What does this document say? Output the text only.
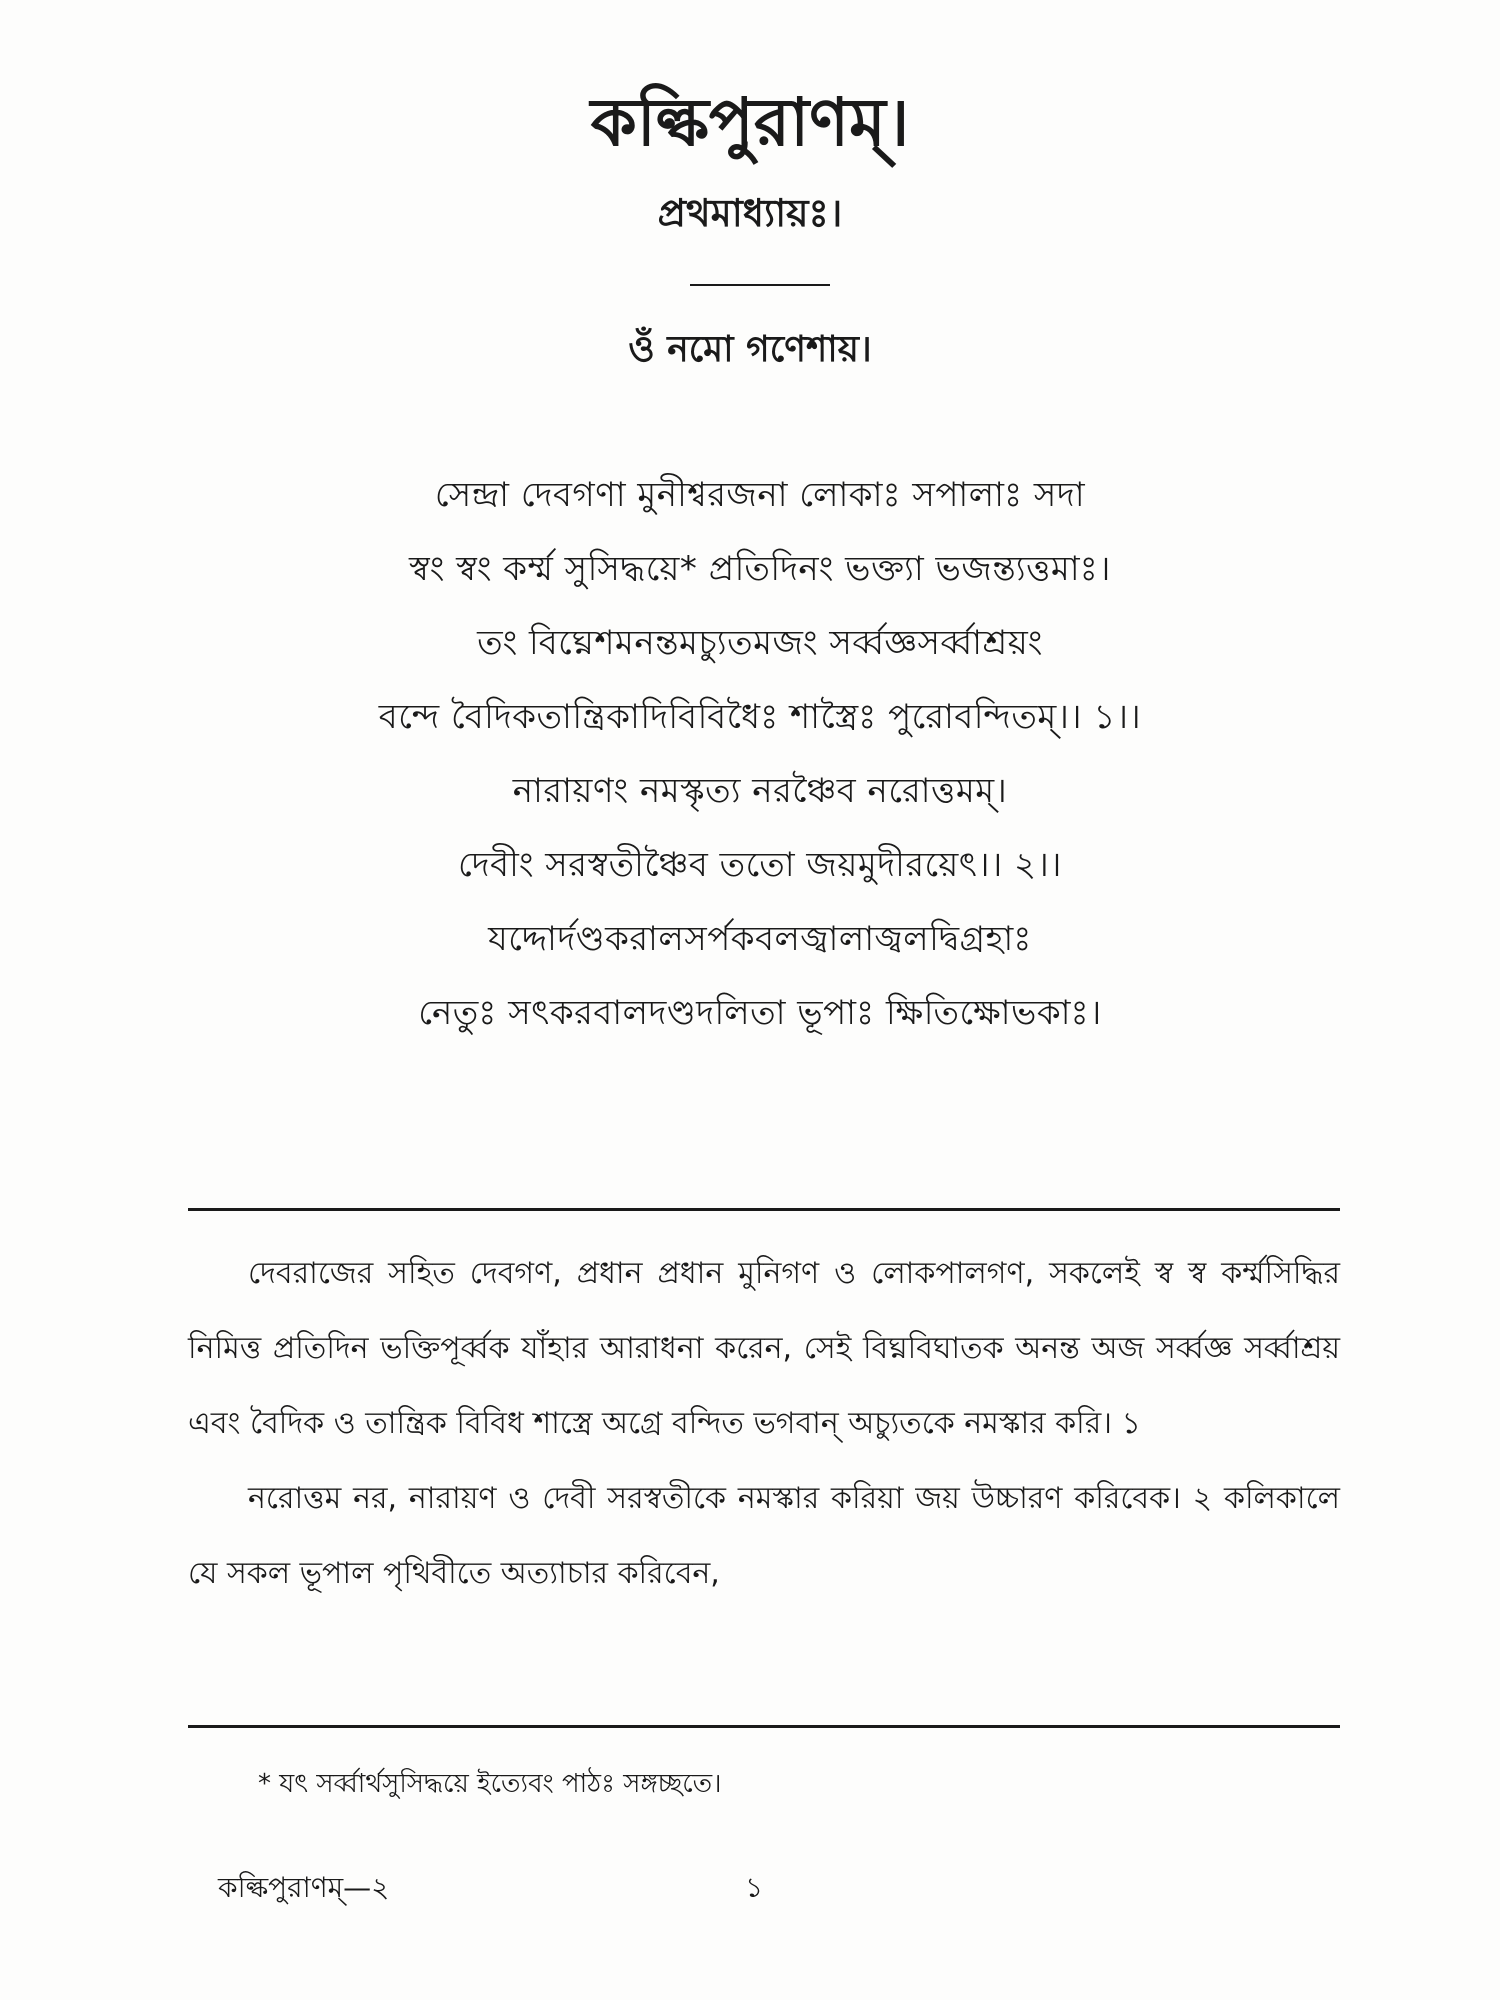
কল্কিপুরাণম্।
প্রথমাধ্যায়ঃ।
ওঁ নমো গণেশায়।
সেন্দ্রা দেবগণা মুনীশ্বরজনা লোকাঃ সপালাঃ সদা
স্বং স্বং কর্ম্ম সুসিদ্ধয়ে* প্রতিদিনং ভক্ত্যা ভজন্ত্যত্তমাঃ।
তং বিঘ্নেশমনন্তমচ্যুতমজং সর্ব্বজ্ঞসর্ব্বাশ্রয়ং
বন্দে বৈদিকতান্ত্রিকাদিবিবিধৈঃ শাস্ত্রৈঃ পুরোবন্দিতম্।। ১।।
নারায়ণং নমস্কৃত্য নরঞ্চৈব নরোত্তমম্।
দেবীং সরস্বতীঞ্চৈব ততো জয়মুদীরয়েৎ।। ২।।
যদ্দোর্দণ্ডকরালসর্পকবলজ্বালাজ্বলদ্বিগ্রহাঃ
নেতুঃ সৎকরবালদণ্ডদলিতা ভূপাঃ ক্ষিতিক্ষোভকাঃ।

দেবরাজের সহিত দেবগণ, প্রধান প্রধান মুনিগণ ও লোকপালগণ, সকলেই স্ব স্ব কর্ম্মসিদ্ধির নিমিত্ত প্রতিদিন ভক্তিপূর্ব্বক যাঁহার আরাধনা করেন, সেই বিঘ্নবিঘাতক অনন্ত অজ সর্ব্বজ্ঞ সর্ব্বাশ্রয় এবং বৈদিক ও তান্ত্রিক বিবিধ শাস্ত্রে অগ্রে বন্দিত ভগবান্ অচ্যুতকে নমস্কার করি। ১

নরোত্তম নর, নারায়ণ ও দেবী সরস্বতীকে নমস্কার করিয়া জয় উচ্চারণ করিবেক। ২ কলিকালে যে সকল ভূপাল পৃথিবীতে অত্যাচার করিবেন,

* যৎ সর্ব্বার্থসুসিদ্ধয়ে ইত্যেবং পাঠঃ সঙ্গচ্ছতে।
কল্কিপুরাণম্—২	১
